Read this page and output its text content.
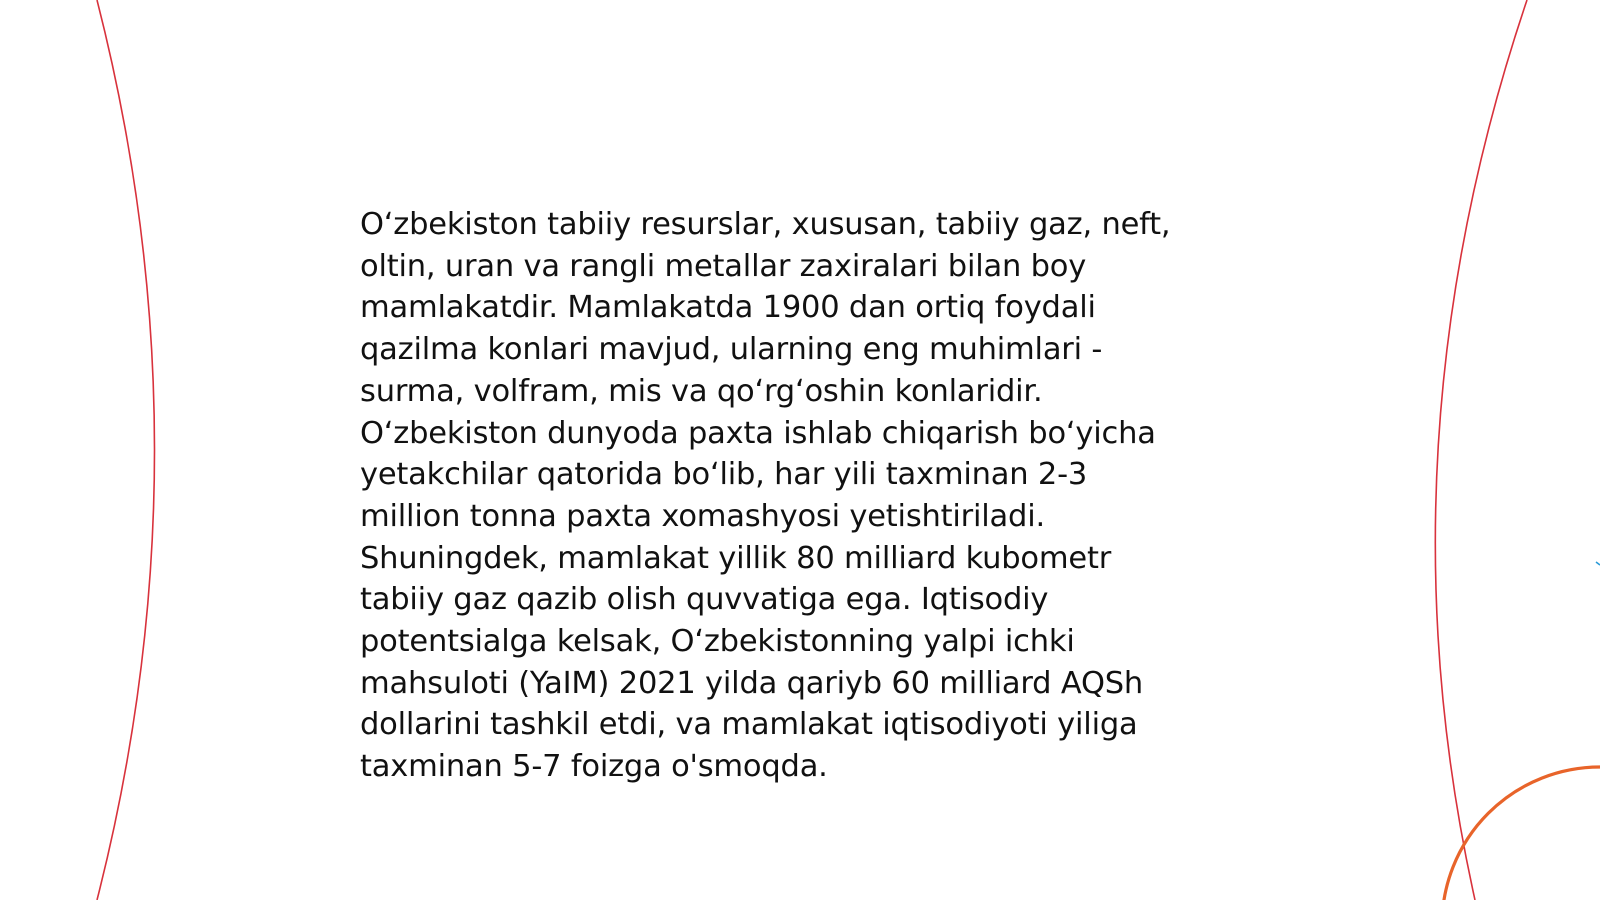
O‘zbekiston tabiiy resurslar, xususan, tabiiy gaz, neft,
oltin, uran va rangli metallar zaxiralari bilan boy
mamlakatdir. Mamlakatda 1900 dan ortiq foydali
qazilma konlari mavjud, ularning eng muhimlari -
surma, volfram, mis va qo‘rg‘oshin konlaridir.
O‘zbekiston dunyoda paxta ishlab chiqarish bo‘yicha
yetakchilar qatorida bo‘lib, har yili taxminan 2-3
million tonna paxta xomashyosi yetishtiriladi.
Shuningdek, mamlakat yillik 80 milliard kubometr
tabiiy gaz qazib olish quvvatiga ega. Iqtisodiy
potentsialga kelsak, O‘zbekistonning yalpi ichki
mahsuloti (YaIM) 2021 yilda qariyb 60 milliard AQSh
dollarini tashkil etdi, va mamlakat iqtisodiyoti yiliga
taxminan 5-7 foizga o'smoqda.
